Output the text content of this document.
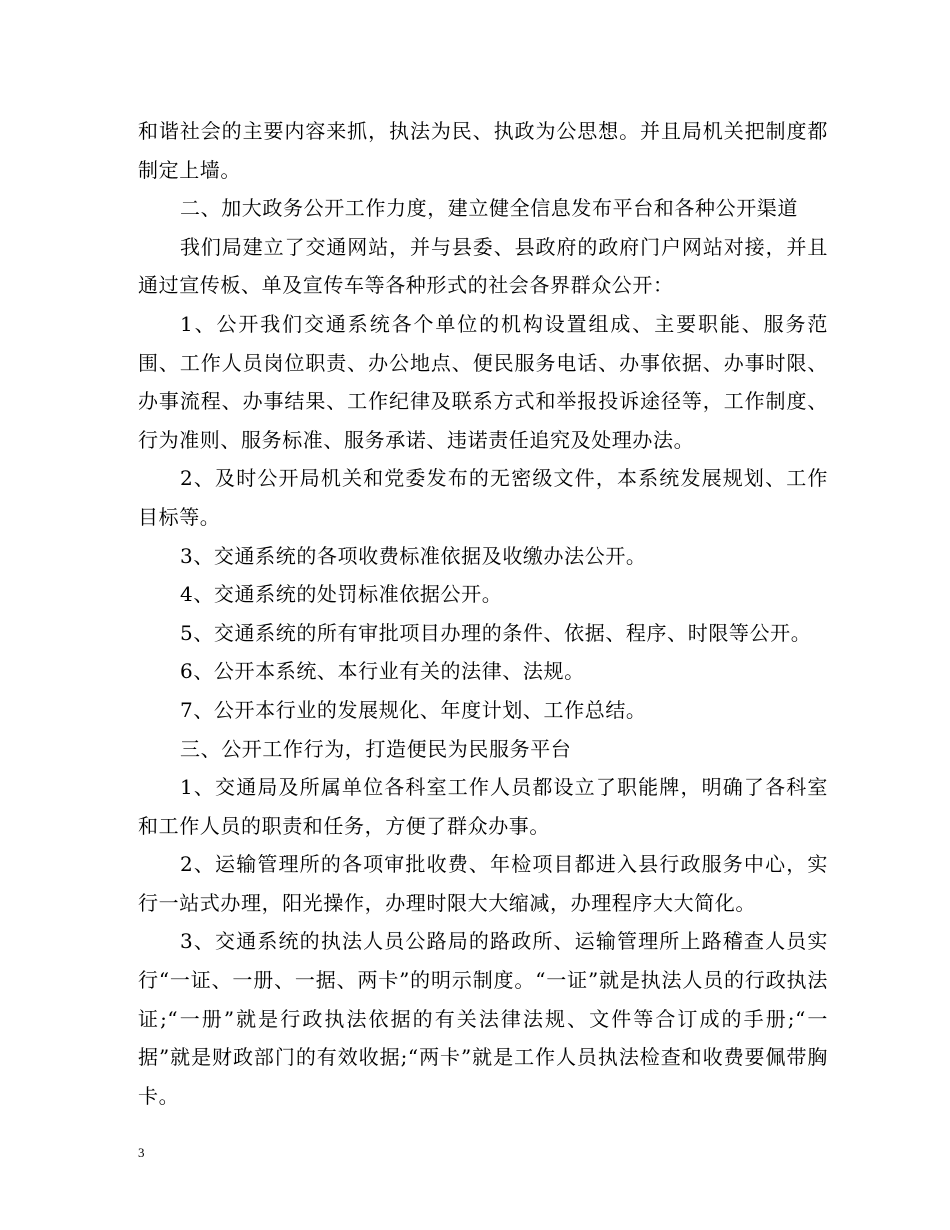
和谐社会的主要内容来抓，执法为民、执政为公思想。并且局机关把制度都制定上墙。

二、加大政务公开工作力度，建立健全信息发布平台和各种公开渠道

我们局建立了交通网站，并与县委、县政府的政府门户网站对接，并且通过宣传板、单及宣传车等各种形式的社会各界群众公开：

1、公开我们交通系统各个单位的机构设置组成、主要职能、服务范围、工作人员岗位职责、办公地点、便民服务电话、办事依据、办事时限、办事流程、办事结果、工作纪律及联系方式和举报投诉途径等，工作制度、行为准则、服务标准、服务承诺、违诺责任追究及处理办法。

2、及时公开局机关和党委发布的无密级文件，本系统发展规划、工作目标等。

3、交通系统的各项收费标准依据及收缴办法公开。

4、交通系统的处罚标准依据公开。

5、交通系统的所有审批项目办理的条件、依据、程序、时限等公开。

6、公开本系统、本行业有关的法律、法规。

7、公开本行业的发展规化、年度计划、工作总结。

三、公开工作行为，打造便民为民服务平台

1、交通局及所属单位各科室工作人员都设立了职能牌，明确了各科室和工作人员的职责和任务，方便了群众办事。

2、运输管理所的各项审批收费、年检项目都进入县行政服务中心，实行一站式办理，阳光操作，办理时限大大缩减，办理程序大大简化。

3、交通系统的执法人员公路局的路政所、运输管理所上路稽查人员实行“一证、一册、一据、两卡”的明示制度。“一证”就是执法人员的行政执法证;“一册”就是行政执法依据的有关法律法规、文件等合订成的手册;“一据”就是财政部门的有效收据;“两卡”就是工作人员执法检查和收费要佩带胸卡。

3
